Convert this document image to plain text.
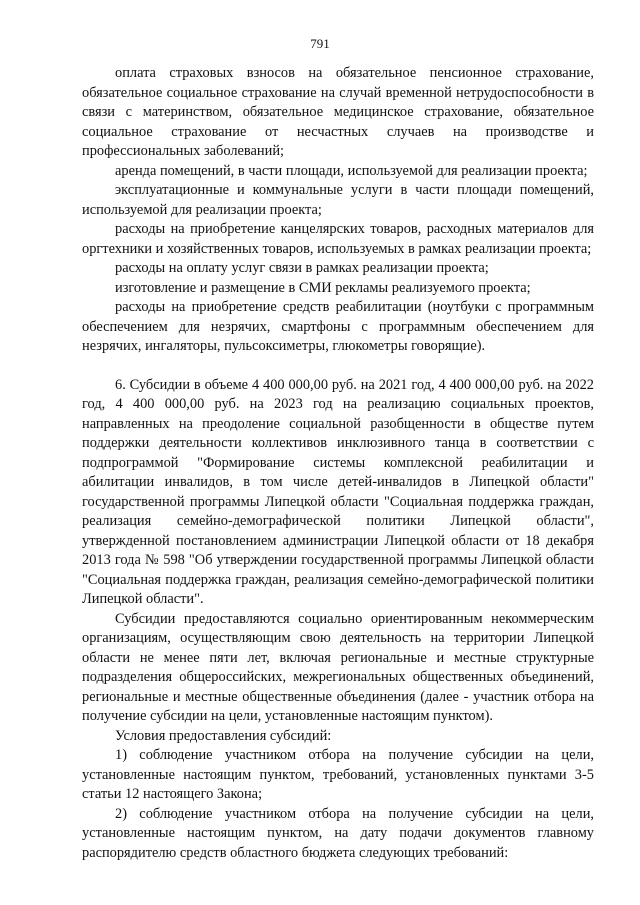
791

оплата страховых взносов на обязательное пенсионное страхование, обязательное социальное страхование на случай временной нетрудоспособности в связи с материнством, обязательное медицинское страхование, обязательное социальное страхование от несчастных случаев на производстве и профессиональных заболеваний;

аренда помещений, в части площади, используемой для реализации проекта;

эксплуатационные и коммунальные услуги в части площади помещений, используемой для реализации проекта;

расходы на приобретение канцелярских товаров, расходных материалов для оргтехники и хозяйственных товаров, используемых в рамках реализации проекта;

расходы на оплату услуг связи в рамках реализации проекта;

изготовление и размещение в СМИ рекламы реализуемого проекта;

расходы на приобретение средств реабилитации (ноутбуки с программным обеспечением для незрячих, смартфоны с программным обеспечением для незрячих, ингаляторы, пульсоксиметры, глюкометры говорящие).

6. Субсидии в объеме 4 400 000,00 руб. на 2021 год, 4 400 000,00 руб. на 2022 год, 4 400 000,00 руб. на 2023 год на реализацию социальных проектов, направленных на преодоление социальной разобщенности в обществе путем поддержки деятельности коллективов инклюзивного танца в соответствии с подпрограммой "Формирование системы комплексной реабилитации и абилитации инвалидов, в том числе детей-инвалидов в Липецкой области" государственной программы Липецкой области "Социальная поддержка граждан, реализация семейно-демографической политики Липецкой области", утвержденной постановлением администрации Липецкой области от 18 декабря 2013 года № 598 "Об утверждении государственной программы Липецкой области "Социальная поддержка граждан, реализация семейно-демографической политики Липецкой области".

Субсидии предоставляются социально ориентированным некоммерческим организациям, осуществляющим свою деятельность на территории Липецкой области не менее пяти лет, включая региональные и местные структурные подразделения общероссийских, межрегиональных общественных объединений, региональные и местные общественные объединения (далее - участник отбора на получение субсидии на цели, установленные настоящим пунктом).

Условия предоставления субсидий:

1) соблюдение участником отбора на получение субсидии на цели, установленные настоящим пунктом, требований, установленных пунктами 3-5 статьи 12 настоящего Закона;

2) соблюдение участником отбора на получение субсидии на цели, установленные настоящим пунктом, на дату подачи документов главному распорядителю средств областного бюджета следующих требований:
